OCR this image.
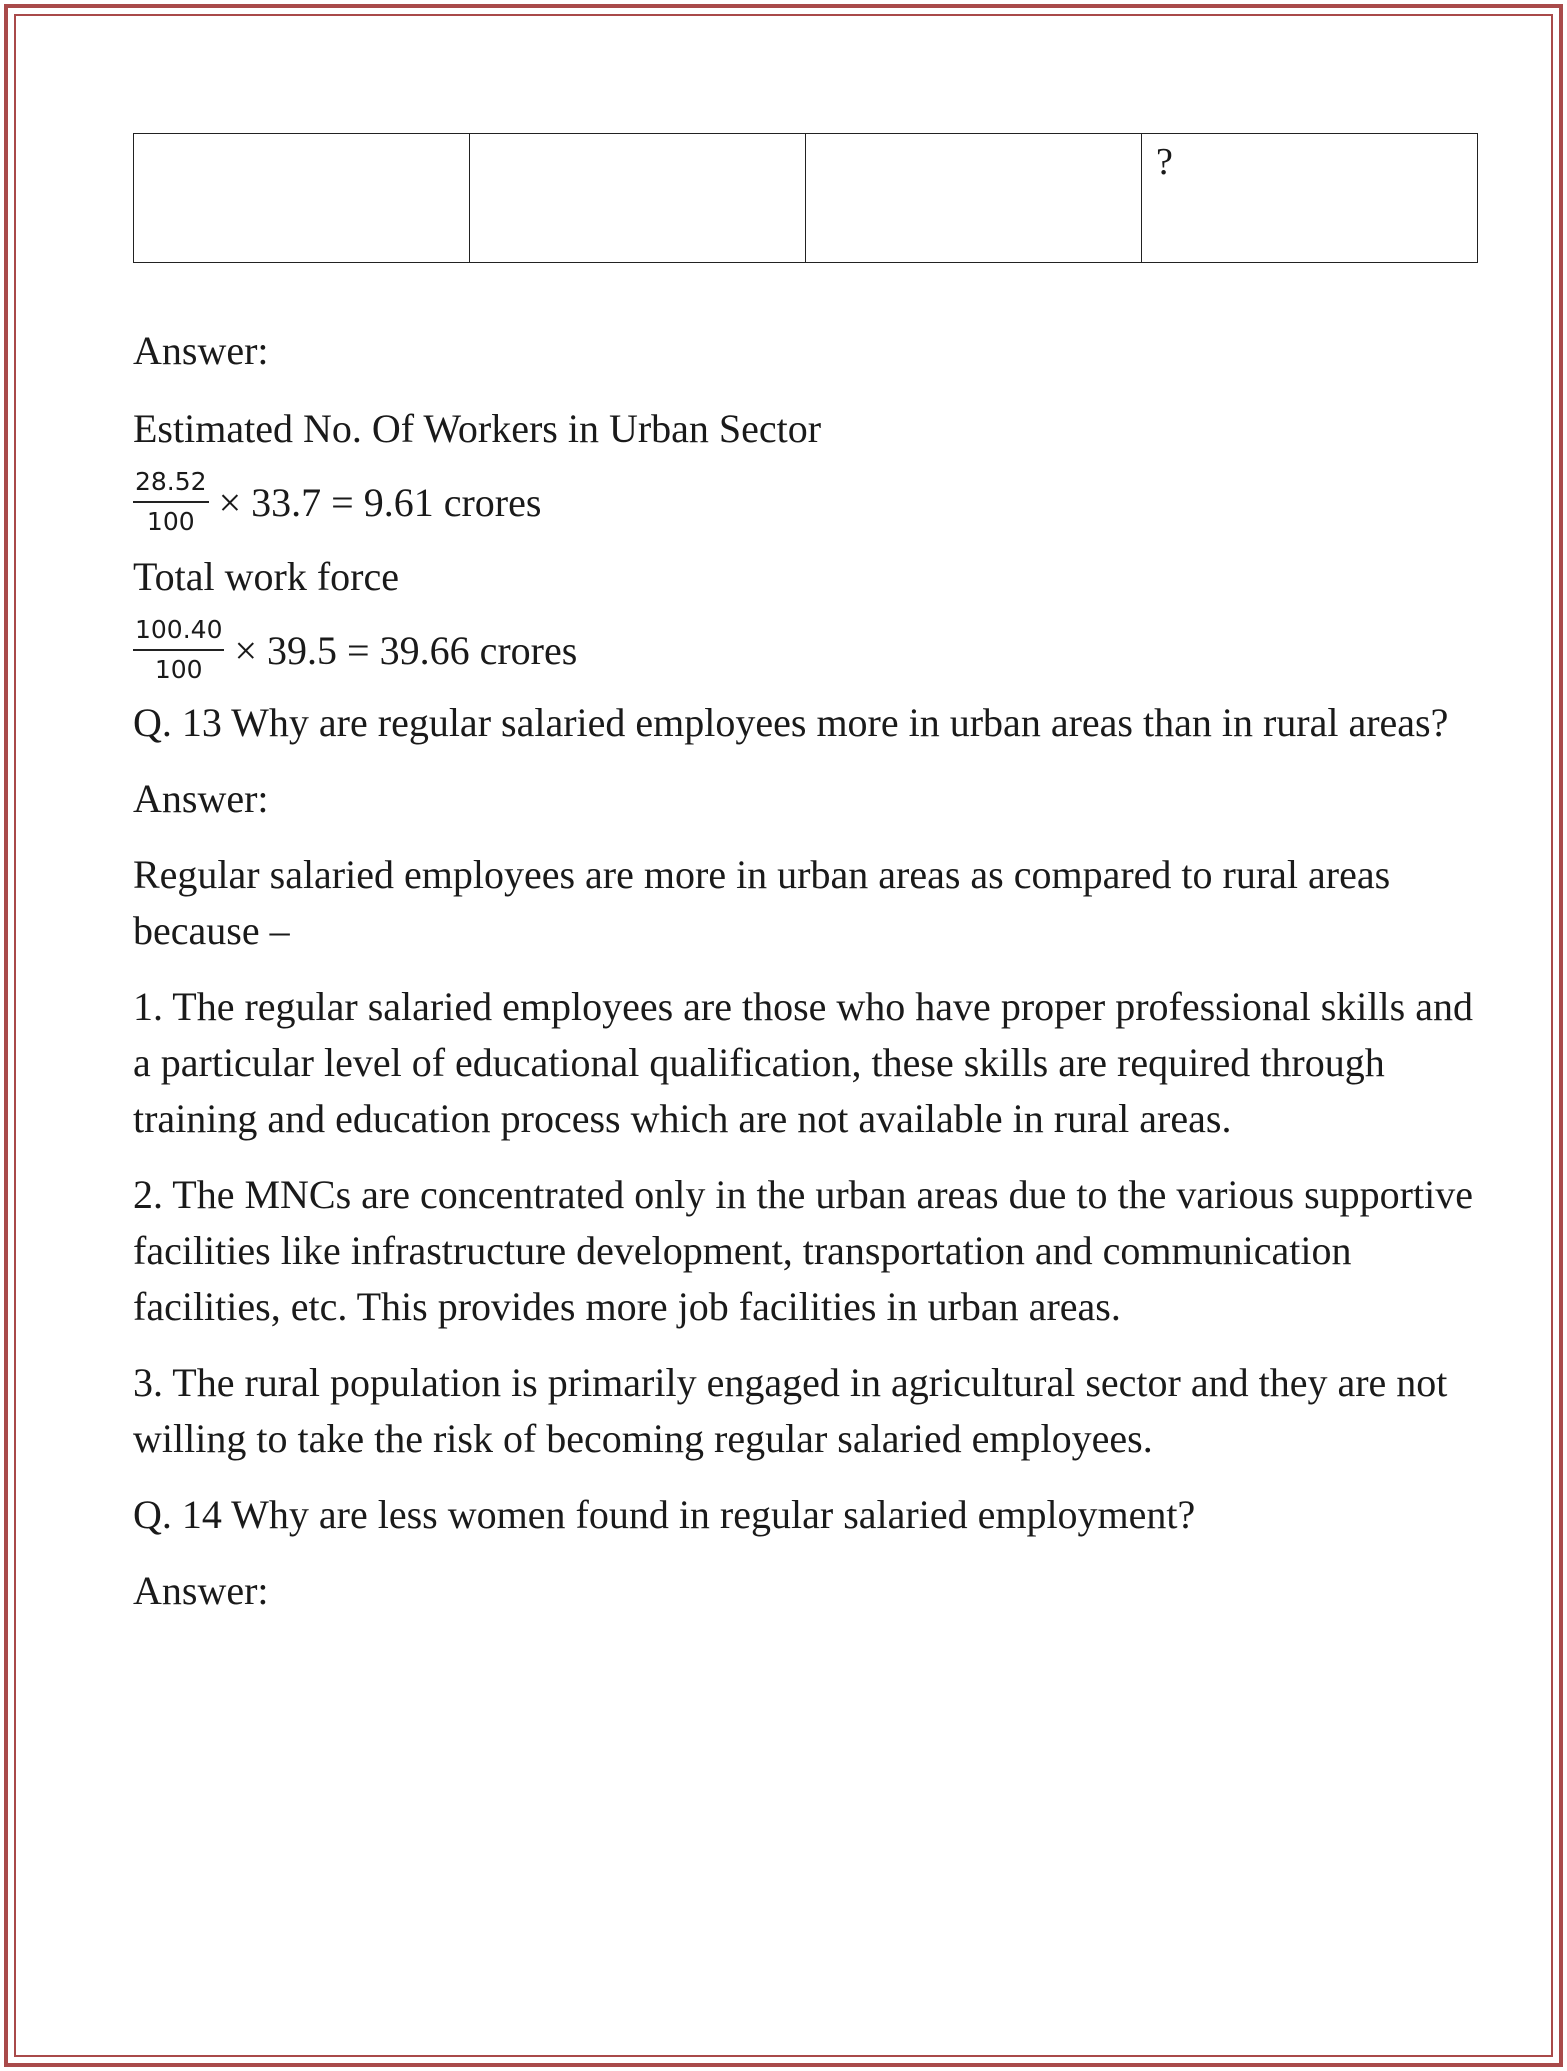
			?

Answer:

Estimated No. Of Workers in Urban Sector

$\frac{28.52}{100} \times 33.7 = 9.61$ crores

Total work force

$\frac{100.40}{100} \times 39.5 = 39.66$ crores

Q. 13 Why are regular salaried employees more in urban areas than in rural areas?

Answer:

Regular salaried employees are more in urban areas as compared to rural areas because –

1. The regular salaried employees are those who have proper professional skills and a particular level of educational qualification, these skills are required through training and education process which are not available in rural areas.

2. The MNCs are concentrated only in the urban areas due to the various supportive facilities like infrastructure development, transportation and communication facilities, etc. This provides more job facilities in urban areas.

3. The rural population is primarily engaged in agricultural sector and they are not willing to take the risk of becoming regular salaried employees.

Q. 14 Why are less women found in regular salaried employment?

Answer:
